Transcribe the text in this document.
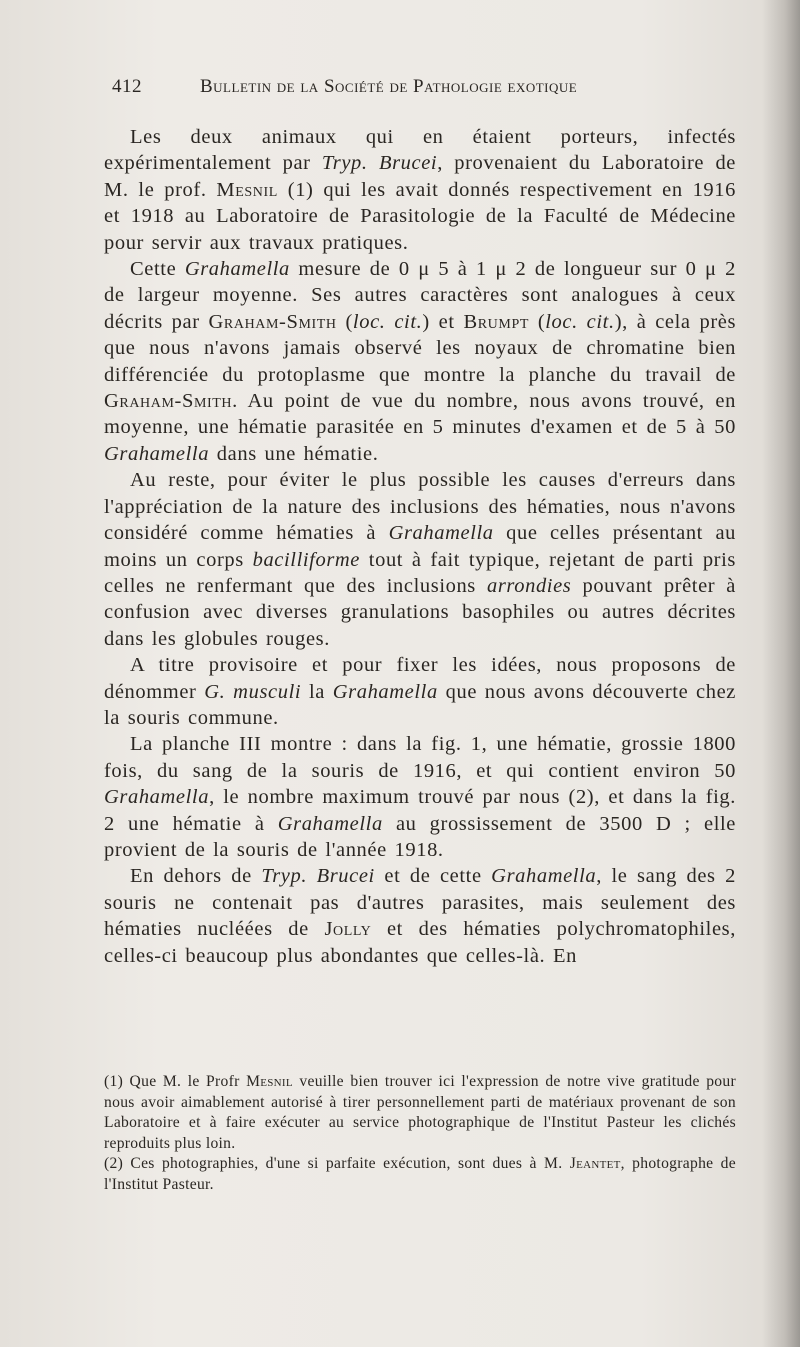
412	Bulletin de la Société de Pathologie exotique

Les deux animaux qui en étaient porteurs, infectés expérimentalement par Tryp. Brucei, provenaient du Laboratoire de M. le prof. Mesnil (1) qui les avait donnés respectivement en 1916 et 1918 au Laboratoire de Parasitologie de la Faculté de Médecine pour servir aux travaux pratiques.

Cette Grahamella mesure de 0 μ 5 à 1 μ 2 de longueur sur 0 μ 2 de largeur moyenne. Ses autres caractères sont analogues à ceux décrits par Graham-Smith (loc. cit.) et Brumpt (loc. cit.), à cela près que nous n'avons jamais observé les noyaux de chromatine bien différenciée du protoplasme que montre la planche du travail de Graham-Smith. Au point de vue du nombre, nous avons trouvé, en moyenne, une hématie parasitée en 5 minutes d'examen et de 5 à 50 Grahamella dans une hématie.

Au reste, pour éviter le plus possible les causes d'erreurs dans l'appréciation de la nature des inclusions des hématies, nous n'avons considéré comme hématies à Grahamella que celles présentant au moins un corps bacilliforme tout à fait typique, rejetant de parti pris celles ne renfermant que des inclusions arrondies pouvant prêter à confusion avec diverses granulations basophiles ou autres décrites dans les globules rouges.

A titre provisoire et pour fixer les idées, nous proposons de dénommer G. musculi la Grahamella que nous avons découverte chez la souris commune.

La planche III montre : dans la fig. 1, une hématie, grossie 1800 fois, du sang de la souris de 1916, et qui contient environ 50 Grahamella, le nombre maximum trouvé par nous (2), et dans la fig. 2 une hématie à Grahamella au grossissement de 3500 D ; elle provient de la souris de l'année 1918.

En dehors de Tryp. Brucei et de cette Grahamella, le sang des 2 souris ne contenait pas d'autres parasites, mais seulement des hématies nucléées de Jolly et des hématies polychromatophiles, celles-ci beaucoup plus abondantes que celles-là. En

(1) Que M. le Profr Mesnil veuille bien trouver ici l'expression de notre vive gratitude pour nous avoir aimablement autorisé à tirer personnellement parti de matériaux provenant de son Laboratoire et à faire exécuter au service photographique de l'Institut Pasteur les clichés reproduits plus loin.

(2) Ces photographies, d'une si parfaite exécution, sont dues à M. Jeantet, photographe de l'Institut Pasteur.
